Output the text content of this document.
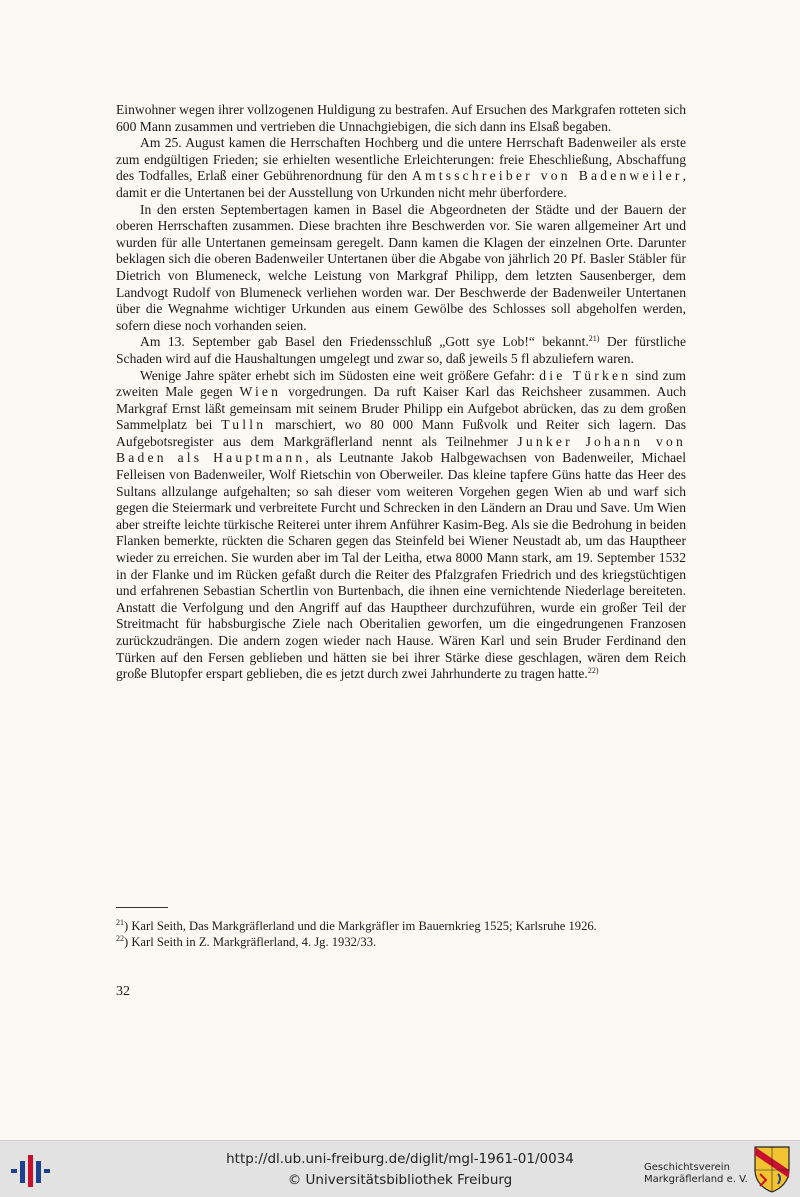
Einwohner wegen ihrer vollzogenen Huldigung zu bestrafen. Auf Ersuchen des Markgrafen rotteten sich 600 Mann zusammen und vertrieben die Unnachgiebigen, die sich dann ins Elsaß begaben.

Am 25. August kamen die Herrschaften Hochberg und die untere Herrschaft Badenweiler als erste zum endgültigen Frieden; sie erhielten wesentliche Erleichterungen: freie Eheschließung, Abschaffung des Todfalles, Erlaß einer Gebührenordnung für den Amtsschreiber von Badenweiler, damit er die Untertanen bei der Ausstellung von Urkunden nicht mehr überfordere.

In den ersten Septembertagen kamen in Basel die Abgeordneten der Städte und der Bauern der oberen Herrschaften zusammen. Diese brachten ihre Beschwerden vor. Sie waren allgemeiner Art und wurden für alle Untertanen gemeinsam geregelt. Dann kamen die Klagen der einzelnen Orte. Darunter beklagen sich die oberen Badenweiler Untertanen über die Abgabe von jährlich 20 Pf. Basler Stäbler für Dietrich von Blumeneck, welche Leistung von Markgraf Philipp, dem letzten Sausenberger, dem Landvogt Rudolf von Blumeneck verliehen worden war. Der Beschwerde der Badenweiler Untertanen über die Wegnahme wichtiger Urkunden aus einem Gewölbe des Schlosses soll abgeholfen werden, sofern diese noch vorhanden seien.

Am 13. September gab Basel den Friedensschluß „Gott sye Lob!“ bekannt.$^{21)}$ Der fürstliche Schaden wird auf die Haushaltungen umgelegt und zwar so, daß jeweils 5 fl abzuliefern waren.

Wenige Jahre später erhebt sich im Südosten eine weit größere Gefahr: die Türken sind zum zweiten Male gegen Wien vorgedrungen. Da ruft Kaiser Karl das Reichsheer zusammen. Auch Markgraf Ernst läßt gemeinsam mit seinem Bruder Philipp ein Aufgebot abrücken, das zu dem großen Sammelplatz bei Tulln marschiert, wo 80 000 Mann Fußvolk und Reiter sich lagern. Das Aufgebotsregister aus dem Markgräflerland nennt als Teilnehmer Junker Johann von Baden als Hauptmann, als Leutnante Jakob Halbgewachsen von Badenweiler, Michael Felleisen von Badenweiler, Wolf Rietschin von Oberweiler. Das kleine tapfere Güns hatte das Heer des Sultans allzulange aufgehalten; so sah dieser vom weiteren Vorgehen gegen Wien ab und warf sich gegen die Steiermark und verbreitete Furcht und Schrecken in den Ländern an Drau und Save. Um Wien aber streifte leichte türkische Reiterei unter ihrem Anführer Kasim-Beg. Als sie die Bedrohung in beiden Flanken bemerkte, rückten die Scharen gegen das Steinfeld bei Wiener Neustadt ab, um das Hauptheer wieder zu erreichen. Sie wurden aber im Tal der Leitha, etwa 8000 Mann stark, am 19. September 1532 in der Flanke und im Rücken gefaßt durch die Reiter des Pfalzgrafen Friedrich und des kriegstüchtigen und erfahrenen Sebastian Schertlin von Burtenbach, die ihnen eine vernichtende Niederlage bereiteten. Anstatt die Verfolgung und den Angriff auf das Hauptheer durchzuführen, wurde ein großer Teil der Streitmacht für habsburgische Ziele nach Oberitalien geworfen, um die eingedrungenen Franzosen zurückzudrängen. Die andern zogen wieder nach Hause. Wären Karl und sein Bruder Ferdinand den Türken auf den Fersen geblieben und hätten sie bei ihrer Stärke diese geschlagen, wären dem Reich große Blutopfer erspart geblieben, die es jetzt durch zwei Jahrhunderte zu tragen hatte.$^{22)}$

$^{21}$) Karl Seith, Das Markgräflerland und die Markgräfler im Bauernkrieg 1525; Karlsruhe 1926.

$^{22}$) Karl Seith in Z. Markgräflerland, 4. Jg. 1932/33.

32
http://dl.ub.uni-freiburg.de/diglit/mgl-1961-01/0034
© Universitätsbibliothek Freiburg
Geschichtsverein
Markgräflerland e. V.
